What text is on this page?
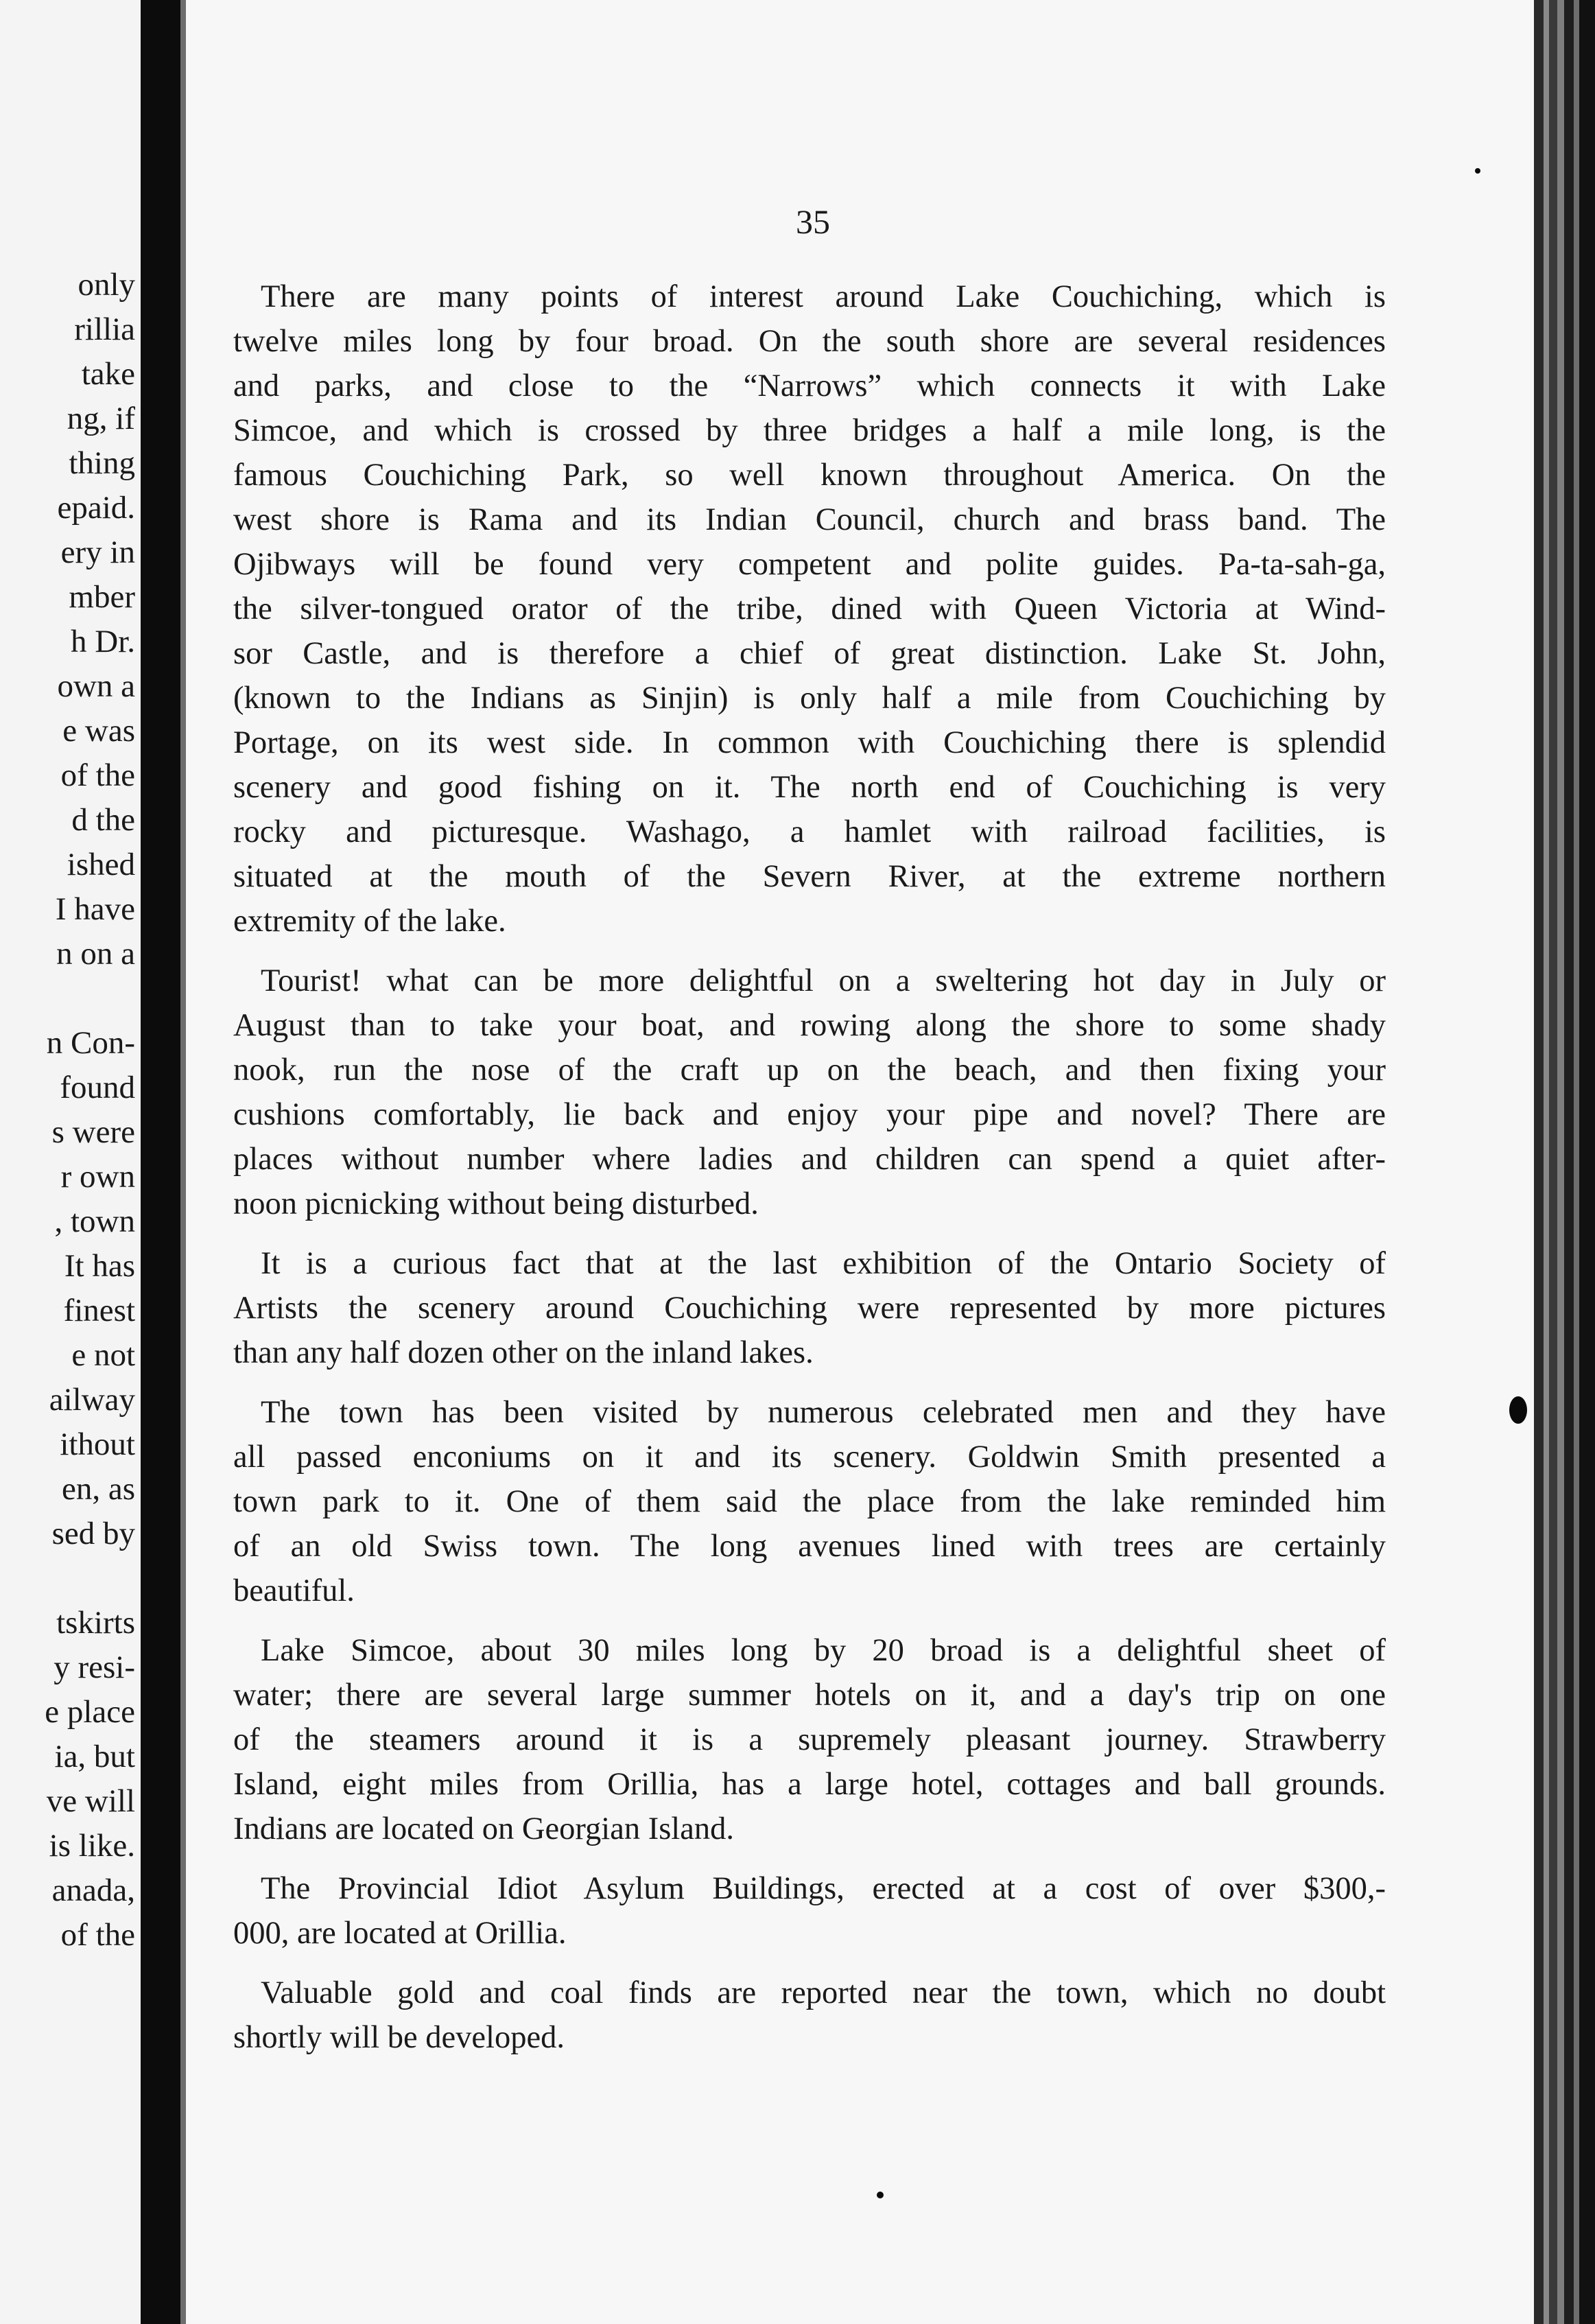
only
rillia
take
ng, if
thing
epaid.
ery in
mber
h Dr.
own a
e was
of the
d the
ished
I have
n on a
n Con-
found
s were
r own
, town
It has
finest
e not
ailway
ithout
en, as
sed by
tskirts
y resi-
e place
ia, but
ve will
is like.
anada,
of the
35
There are many points of interest around Lake Couchiching, which is
twelve miles long by four broad. On the south shore are several residences
and parks, and close to the “Narrows” which connects it with Lake
Simcoe, and which is crossed by three bridges a half a mile long, is the
famous Couchiching Park, so well known throughout America. On the
west shore is Rama and its Indian Council, church and brass band. The
Ojibways will be found very competent and polite guides. Pa-ta-sah-ga,
the silver-tongued orator of the tribe, dined with Queen Victoria at Wind-
sor Castle, and is therefore a chief of great distinction. Lake St. John,
(known to the Indians as Sinjin) is only half a mile from Couchiching by
Portage, on its west side. In common with Couchiching there is splendid
scenery and good fishing on it. The north end of Couchiching is very
rocky and picturesque. Washago, a hamlet with railroad facilities, is
situated at the mouth of the Severn River, at the extreme northern
extremity of the lake.
Tourist! what can be more delightful on a sweltering hot day in July or
August than to take your boat, and rowing along the shore to some shady
nook, run the nose of the craft up on the beach, and then fixing your
cushions comfortably, lie back and enjoy your pipe and novel? There are
places without number where ladies and children can spend a quiet after-
noon picnicking without being disturbed.
It is a curious fact that at the last exhibition of the Ontario Society of
Artists the scenery around Couchiching were represented by more pictures
than any half dozen other on the inland lakes.
The town has been visited by numerous celebrated men and they have
all passed enconiums on it and its scenery. Goldwin Smith presented a
town park to it. One of them said the place from the lake reminded him
of an old Swiss town. The long avenues lined with trees are certainly
beautiful.
Lake Simcoe, about 30 miles long by 20 broad is a delightful sheet of
water; there are several large summer hotels on it, and a day's trip on one
of the steamers around it is a supremely pleasant journey. Strawberry
Island, eight miles from Orillia, has a large hotel, cottages and ball grounds.
Indians are located on Georgian Island.
The Provincial Idiot Asylum Buildings, erected at a cost of over $300,-
000, are located at Orillia.
Valuable gold and coal finds are reported near the town, which no doubt
shortly will be developed.
